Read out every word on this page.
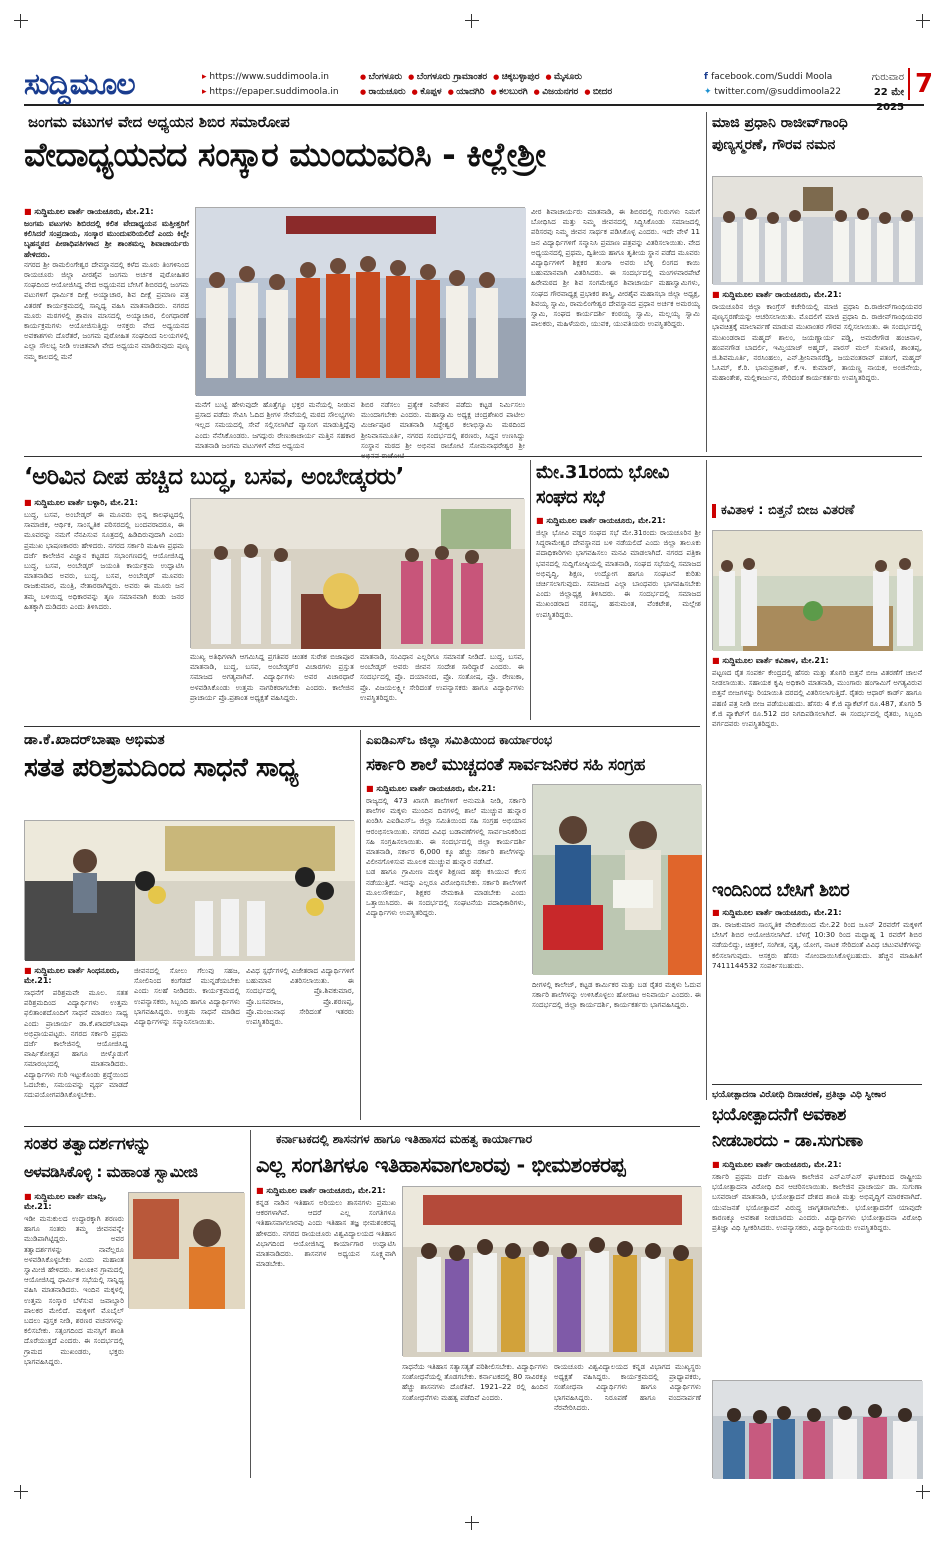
ಸುದ್ದಿಮೂಲ	▸ https://www.suddimoola.in
▸ https://epaper.suddimoola.in
● ಬೆಂಗಳೂರು ● ಬೆಂಗಳೂರು ಗ್ರಾಮಾಂತರ ● ಚಿಕ್ಕಬಳ್ಳಾಪುರ ● ಮೈಸೂರು
● ರಾಯಚೂರು ● ಕೊಪ್ಪಳ ● ಯಾದಗಿರಿ ● ಕಲಬುರಗಿ ● ವಿಜಯನಗರ ● ಬೀದರ
f facebook.com/Suddi Moola
✦ twitter.com/@suddimoola22
ಗುರುವಾರ
22 ಮೇ 2025
7
ಜಂಗಮ ವಟುಗಳ ವೇದ ಅಧ್ಯಯನ ಶಿಬಿರ ಸಮಾರೋಪ
ವೇದಾಧ್ಯಯನದ ಸಂಸ್ಕಾರ ಮುಂದುವರಿಸಿ - ಕಿಲ್ಲೇಶ್ರೀ
■ ಸುದ್ದಿಮೂಲ ವಾರ್ತೆ ರಾಯಚೂರು, ಮೇ.21:
ಜಂಗಮ ವಟುಗಳು ಶಿಬಿರದಲ್ಲಿ ಕಲಿತ ವೇದಾಧ್ಯಯನ ಮತ್ತೀತ್ತರಿಗೆ ಕಲಿಸಿದರೆ ಸಂಪ್ರದಾಯ, ಸಂಸ್ಕಾರ ಮುಂದುವರಿಯಲಿದೆ ಎಂದು ಕಿಲ್ಲೇ ಬೃಹನ್ಮಠದ ಪೀಠಾಧಿಪತಿಗಳಾದ ಶ್ರೀ ಶಾಂತಮಲ್ಲ ಶಿವಾಚಾರ್ಯರು ಹೇಳಿದರು.
ನಗರದ ಶ್ರೀ ರಾಮಲಿಂಗೇಶ್ವರ ದೇವಸ್ಥಾನದಲ್ಲಿ ಕಳೆದ ಮೂರು ತಿಂಗಳಿನಿಂದ ರಾಯಚೂರು ಜಿಲ್ಲಾ ವೀರಶೈವ ಜಂಗಮ ಅರ್ಚಕ ಪುರೋಹಿತರ ಸಂಘದಿಂದ ಆಯೋಜಿಸಿದ್ದ ವೇದ ಅಧ್ಯಯನದ ಬೇಸಿಗೆ ಶಿಬಿರದಲ್ಲಿ ಜಂಗಮ ವಟುಗಳಿಗೆ ಧಾರ್ಮಿಕ ದೀಕ್ಷೆ ಅಯ್ಯಾಚಾರ, ಶಿವ ದೀಕ್ಷೆ ಪ್ರಮಾಣ ಪತ್ರ ವಿತರಣೆ ಕಾರ್ಯಕ್ರಮದಲ್ಲಿ ಸಾನ್ನಿಧ್ಯ ವಹಿಸಿ ಮಾತನಾಡಿದರು. ನಗರದ ಮೂರು ಮಠಗಳಲ್ಲಿ ಶ್ರಾವಣ ಮಾಸದಲ್ಲಿ ಅಯ್ಯಾಚಾರ, ಲಿಂಗಧಾರಣೆ ಕಾರ್ಯಕ್ರಮಗಳು ಆಯೋಜಿಸುತ್ತಿದ್ದು ಆಸಕ್ತರು ವೇದ ಅಧ್ಯಯನದ ಅವಕಾಶಗಳು ದೊರೆತರೆ, ಜಂಗಮ ಪುರೋಹಿತ ಸಂಘದಿಂದ ನಿಲಯಗಳಲ್ಲಿ ಎಲ್ಲಾ ಸೌಲಭ್ಯ ನೀಡಿ ಉಚಿತವಾಗಿ ವೇದ ಅಧ್ಯಯನ ಮಾಡಿರುವುದು ಪುಣ್ಯ ನಮ್ಮ ಕಾಲದಲ್ಲಿ ಮನೆ
ಮನೆಗೆ ಬುಟ್ಟಿ ಹೇಳುವುದೇ ಹೊತ್ತೆಗ್ಯೂ ಭಕ್ತರ ಮನೆಯಲ್ಲಿ ನೀಡುವ ಪ್ರಸಾದ ಪಡೆದು ಸೇವಿಸಿ ಓದಿದ ಶ್ರೀಗಳ ಸೇವೆಯಲ್ಲಿ ಮಠದ ಸೌಲಭ್ಯಗಳು ಇಲ್ಲದ ಸಮಯದಲ್ಲಿ ಸೇವೆ ಸಲ್ಲಿಸಲಾಗಿದೆ ವ್ಯಾಸಂಗ ಮಾಡುತ್ತಿದ್ದೆವು ಎಂದು ನೆನೆಸಿಕೊಂಡರು. ಜಗದ್ಗುರು ರೇಣುಕಾಚಾರ್ಯ ಮತ್ತಿನ ಸಹಕಾರ ಮಾತನಾಡಿ ಜಂಗಮ ವಟುಗಳಿಗೆ ವೇದ ಅಧ್ಯಯನ
ಶಿಬಿರ ನಡೆಸಲು ಪ್ರತ್ಯೇಕ ನಿವೇಶನ ಪಡೆದು ಕಟ್ಟಡ ನಿರ್ಮಿಸಲು ಮುಂದಾಗಬೇಕು ಎಂದರು. ಮಹಾಸ್ವಾಮಿ ಅಧ್ಯಕ್ಷ ಚಂದ್ರಶೇಖರ ಪಾಟೀಲ ಮಿರ್ಜಾಪೂರ ಮಾತನಾಡಿ ಸಿದ್ಧೇಶ್ವರ ಕಲಾಭಿಸ್ವಾಮಿ ಮಠದಿಂದ ಶ್ರೀನಿವಾಸಮೂರ್ತಿ, ನಗರದ ಸಂದರ್ಭದಲ್ಲಿ ಶರಣರು, ಸಿದ್ದನ ಉಣಸಿದ್ದು ಸಂಸ್ಥಾನ ಮಠದ ಶ್ರೀ ಅಭಿನವ ರಾಚೋಟಿ ಸೋಮನಾಥರೇಶ್ವರ ಶ್ರೀ
ವೀರ ಶಿವಾಚಾರ್ಯರು ಮಾತನಾಡಿ, ಈ ಶಿಬಿರದಲ್ಲಿ ಗುರುಗಳು ನಿಮಗೆ ಬೋಧಿಸಿದ ಮತ್ತು ನಿಮ್ಮ ಜೀವನದಲ್ಲಿ ಸಿದ್ಧಿಸಿಕೊಂಡು ಸಮಾಜದಲ್ಲಿ ಪರಿಸರವು ನಿಮ್ಮ ಜೀವನ ಸಾರ್ಥಕ ಪಡಿಸಿಕೊಳ್ಳ ಎಂದರು. ಇದೇ ವೇಳೆ 11 ಜನ ವಿದ್ಯಾರ್ಥಿಗಳಿಗೆ ಸನ್ಮಾನಿಸಿ ಪ್ರಮಾಣ ಪತ್ರವನ್ನು ವಿತರಿಸಲಾಯಿತು. ವೇದ ಅಧ್ಯಯನದಲ್ಲಿ ಪ್ರಥಮ, ದ್ವಿತೀಯ ಹಾಗೂ ತೃತೀಯ ಸ್ಥಾನ ಪಡೆದ ಮೂವರು ವಿದ್ಯಾರ್ಥಿಗಳಿಗೆ ಶಿಕ್ಷಕರ ತುಂಗಾ ಅವರು ಬೆಳ್ಳಿ ಲಿಂಗದ ಕಾಯಿ ಬಹುಮಾನವಾಗಿ ವಿತರಿಸಿದರು. ಈ ಸಂದರ್ಭದಲ್ಲಿ ಮಂಗಳವಾರಪೇಟೆ ಹಿರೇಮಠದ ಶ್ರೀ ಶಿವ ಸಂಗಮೇಶ್ವರ ಶಿವಾಚಾರ್ಯ ಮಹಾಸ್ವಾಮಿಗಳು, ಸಂಘದ ಗೌರವಾಧ್ಯಕ್ಷ ಪ್ರಭಾಕರ ಶಾಸ್ತ್ರಿ, ವೀರಶೈವ ಮಹಾಸಭಾ ಜಿಲ್ಲಾ ಅಧ್ಯಕ್ಷ, ಶಿವಯ್ಯ ಸ್ವಾಮಿ, ರಾಮಲಿಂಗೇಶ್ವರ ದೇವಸ್ಥಾನದ ಪ್ರಧಾನ ಅರ್ಚಕ ಅಮರಯ್ಯ ಸ್ವಾಮಿ, ಸಂಘದ ಕಾರ್ಯದರ್ಶಿ ಕಂಠಯ್ಯ ಸ್ವಾಮಿ, ಮಲ್ಲಯ್ಯ ಸ್ವಾಮಿ ಪಾಲಕರು, ಮಹಿಳೆಯರು, ಯುವಕ, ಯುವತಿಯರು ಉಪಸ್ಥಿತರಿದ್ದರು.
ಮಾಜಿ ಪ್ರಧಾನಿ ರಾಜೀವ್‌ಗಾಂಧಿ
ಪುಣ್ಯಸ್ಮರಣೆ, ಗೌರವ ನಮನ
■ ಸುದ್ದಿಮೂಲ ವಾರ್ತೆ ರಾಯಚೂರು, ಮೇ.21:
ರಾಯಚೂರಿನ ಜಿಲ್ಲಾ ಕಾಂಗ್ರೆಸ್ ಕಚೇರಿಯಲ್ಲಿ ಮಾಜಿ ಪ್ರಧಾನಿ ದಿ.ರಾಜೀವ್‌ಗಾಂಧಿಯವರ ಪುಣ್ಯಸ್ಮರಣೆಯನ್ನು ಆಚರಿಸಲಾಯಿತು. ಮೊದಲಿಗೆ ಮಾಜಿ ಪ್ರಧಾನಿ ದಿ. ರಾಜೀವ್‌ಗಾಂಧಿಯವರ ಭಾವಚಿತ್ರಕ್ಕೆ ಮಾಲಾರ್ಪಣೆ ಮಾಡುವ ಮುಖಾಂತರ ಗೌರವ ಸಲ್ಲಿಸಲಾಯಿತು. ಈ ಸಂದರ್ಭದಲ್ಲಿ ಮುಖಂಡರಾದ ಮಹ್ಮದ್ ಶಾಲಂ, ಜಯಣ್ಣಾರ್ಯ ಪಡ್ಡಿ, ಅಮರೇಗೌಡ ಹಂಚಿನಾಳ, ಹಂಪನಗೌಡ ಬಾದರ್ಲಿ, ಇಮ್ತಿಯಾಜ್ ಅಹ್ಮದ್, ಪಾರಸ್ ಮಲ್ ಸುಖಾಣಿ, ಶಾಂತಪ್ಪ, ಜಿ.ಶಿವಮೂರ್ತಿ, ನರಸಿಂಹಲು, ಎನ್.ಶ್ರೀನಿವಾಸರೆಡ್ಡಿ, ಜಯವಂತರಾವ್ ಪತಂಗೆ, ಮಹ್ಮದ್ ಓಸಿಮ್, ಕೆ.ರಿ. ಭಾನುಪ್ರಕಾಶ್, ಕೆ.ಇ. ಕುಮಾರ್, ತಾಯಣ್ಣ ನಾಯಕ, ಅಂಜಿನೇಯ, ಮಹಾಂತೇಶ, ಮಲ್ಲಿಕಾರ್ಜುನ, ಸೇರಿದಂತೆ ಕಾರ್ಯಕರ್ತರು ಉಪಸ್ಥಿತರಿದ್ದರು.
‘ಅರಿವಿನ ದೀಪ ಹಚ್ಚಿದ ಬುದ್ಧ, ಬಸವ, ಅಂಬೇಡ್ಕರರು’
■ ಸುದ್ದಿಮೂಲ ವಾರ್ತೆ ಬಳ್ಳಾರಿ, ಮೇ.21:
ಬುದ್ಧ, ಬಸವ, ಅಂಬೇಡ್ಕರ್ ಈ ಮೂವರು ಭಿನ್ನ ಕಾಲಘಟ್ಟದಲ್ಲಿ ಸಾಮಾಜಿಕ, ಆರ್ಥಿಕ, ಸಾಂಸ್ಕೃತಿಕ ಪರಿಸರದಲ್ಲಿ ಬಂದವರಾದರೂ, ಈ ಮೂವರನ್ನು ನಮಗೆ ನೆನಪಿಸುವ ಸೂತ್ರದಲ್ಲಿ ಹಿಡಿದಿರುವುದಾಗಿ ಎಂದು ಪ್ರಮುಖ ಭಾಷಣಕಾರರು ಹೇಳಿದರು. ನಗರದ ಸರ್ಕಾರಿ ಮಹಿಳಾ ಪ್ರಥಮ ದರ್ಜೆ ಕಾಲೇಜಿನ ವಿಜ್ಞಾನ ಕಟ್ಟಡದ ಸಭಾಂಗಣದಲ್ಲಿ ಆಯೋಜಿಸಿದ್ದ ಬುದ್ಧ, ಬಸವ, ಅಂಬೇಡ್ಕರ್ ಜಯಂತಿ ಕಾರ್ಯಕ್ರಮ ಉದ್ಘಾಟಿಸಿ ಮಾತನಾಡಿದ ಅವರು, ಬುದ್ಧ, ಬಸವ, ಅಂಬೇಡ್ಕರ್ ಮೂವರು ರಾಜಕುಮಾರ, ಮಂತ್ರಿ, ನೇತಾರರಾಗಿದ್ದರು. ಅವರು ಈ ಮೂರು ಜನ ತಮ್ಮ ಬಳಿಯಿದ್ದ ಅಧಿಕಾರವನ್ನು ತೃಣ ಸಮಾನವಾಗಿ ಕಂಡು ಜನರ ಹಿತಕ್ಕಾಗಿ ದುಡಿದರು ಎಂದು ತಿಳಿಸಿದರು.
ಮುಖ್ಯ ಅತಿಥಿಗಳಾಗಿ ಆಗಮಿಸಿದ್ದ ಪ್ರಗತಿಪರ ಚಿಂತಕ ಸುರೇಶ ಬಿಜಾಪೂರ ಮಾತನಾಡಿ, ಬುದ್ಧ, ಬಸವ, ಅಂಬೇಡ್ಕರ್‌ರ ವಿಚಾರಗಳು ಪ್ರಸ್ತುತ ಸಮಾಜದ ಅಗತ್ಯವಾಗಿವೆ. ವಿದ್ಯಾರ್ಥಿಗಳು ಅವರ ವಿಚಾರಧಾರೆ ಅಳವಡಿಸಿಕೊಂಡು ಉತ್ತಮ ನಾಗರಿಕರಾಗಬೇಕು ಎಂದರು. ಕಾಲೇಜಿನ ಪ್ರಾಚಾರ್ಯ ಪ್ರೊ.ಪ್ರಶಾಂತ ಅಧ್ಯಕ್ಷತೆ ವಹಿಸಿದ್ದರು.
ಮಾತನಾಡಿ, ಸಂವಿಧಾನ ಎಲ್ಲರಿಗೂ ಸಮಾನತೆ ನೀಡಿದೆ. ಬುದ್ಧ, ಬಸವ, ಅಂಬೇಡ್ಕರ್ ಅವರು ಜೀವನ ಸಂದೇಶ ಸಾರಿದ್ದಾರೆ ಎಂದರು. ಈ ಸಂದರ್ಭದಲ್ಲಿ ಪ್ರೊ. ದಯಾನಂದ, ಪ್ರೊ. ಸಂತೋಷ, ಪ್ರೊ. ರೇಣುಕಾ, ಪ್ರೊ. ವಿಜಯಲಕ್ಷ್ಮೀ ಸೇರಿದಂತೆ ಉಪನ್ಯಾಸಕರು ಹಾಗೂ ವಿದ್ಯಾರ್ಥಿಗಳು ಉಪಸ್ಥಿತರಿದ್ದರು.
ಮೇ.31ರಂದು ಭೋವಿ ಸಂಘದ ಸಭೆ
■ ಸುದ್ದಿಮೂಲ ವಾರ್ತೆ ರಾಯಚೂರು, ಮೇ.21:
ಜಿಲ್ಲಾ ಭೋವಿ ವಡ್ಡರ ಸಂಘದ ಸಭೆ ಮೇ.31ರಂದು ರಾಯಚೂರಿನ ಶ್ರೀ ಸಿದ್ಧರಾಮೇಶ್ವರ ದೇವಸ್ಥಾನದ ಬಳಿ ನಡೆಯಲಿದೆ ಎಂದು ಜಿಲ್ಲಾ ತಾಲೂಕು ಪದಾಧಿಕಾರಿಗಳು ಭಾಗವಹಿಸಲು ಮನವಿ ಮಾಡಲಾಗಿದೆ. ನಗರದ ಪತ್ರಿಕಾ ಭವನದಲ್ಲಿ ಸುದ್ದಿಗೋಷ್ಠಿಯಲ್ಲಿ ಮಾತನಾಡಿ, ಸಂಘದ ಸಭೆಯಲ್ಲಿ ಸಮಾಜದ ಅಭಿವೃದ್ಧಿ, ಶಿಕ್ಷಣ, ಉದ್ಯೋಗ ಹಾಗೂ ಸಂಘಟನೆ ಕುರಿತು ಚರ್ಚಿಸಲಾಗುವುದು. ಸಮಾಜದ ಎಲ್ಲಾ ಬಾಂಧವರು ಭಾಗವಹಿಸಬೇಕು ಎಂದು ಜಿಲ್ಲಾಧ್ಯಕ್ಷ ತಿಳಿಸಿದರು. ಈ ಸಂದರ್ಭದಲ್ಲಿ ಸಮಾಜದ ಮುಖಂಡರಾದ ನರಸಪ್ಪ, ಹನುಮಂತ, ವೆಂಕಟೇಶ, ಮಲ್ಲೇಶ ಉಪಸ್ಥಿತರಿದ್ದರು.
ಕವಿತಾಳ : ಬಿತ್ತನೆ ಬೀಜ ವಿತರಣೆ
■ ಸುದ್ದಿಮೂಲ ವಾರ್ತೆ ಕವಿತಾಳ, ಮೇ.21:
ಪಟ್ಟಣದ ರೈತ ಸಂಪರ್ಕ ಕೇಂದ್ರದಲ್ಲಿ ಹೆಸರು ಮತ್ತು ತೊಗರಿ ಬಿತ್ತನೆ ಬೀಜ ವಿತರಣೆಗೆ ಚಾಲನೆ ನೀಡಲಾಯಿತು. ಸಹಾಯಕ ಕೃಷಿ ಅಧಿಕಾರಿ ಮಾತನಾಡಿ, ಮುಂಗಾರು ಹಂಗಾಮಿಗೆ ಅಗತ್ಯವಿರುವ ಬಿತ್ತನೆ ಬೀಜಗಳನ್ನು ರಿಯಾಯಿತಿ ದರದಲ್ಲಿ ವಿತರಿಸಲಾಗುತ್ತಿದೆ. ರೈತರು ಆಧಾರ್ ಕಾರ್ಡ್ ಹಾಗೂ ಪಹಣಿ ಪತ್ರ ನೀಡಿ ಬೀಜ ಪಡೆಯಬಹುದು. ಹೆಸರು 4 ಕೆ.ಜಿ ಪ್ಯಾಕೆಟ್‌ಗೆ ರೂ.487, ತೊಗರಿ 5 ಕೆ.ಜಿ ಪ್ಯಾಕೆಟ್‌ಗೆ ರೂ.512 ದರ ನಿಗದಿಪಡಿಸಲಾಗಿದೆ. ಈ ಸಂದರ್ಭದಲ್ಲಿ ರೈತರು, ಸಿಬ್ಬಂದಿ ವರ್ಗದವರು ಉಪಸ್ಥಿತರಿದ್ದರು.
ಡಾ.ಕೆ.ಖಾದರ್‌ಬಾಷಾ ಅಭಿಮತ
ಸತತ ಪರಿಶ್ರಮದಿಂದ ಸಾಧನೆ ಸಾಧ್ಯ
■ ಸುದ್ದಿಮೂಲ ವಾರ್ತೆ ಸಿಂಧನೂರು, ಮೇ.21:
ಸಾಧನೆಗೆ ಪರಿಶ್ರಮವೇ ಮೂಲ. ಸತತ ಪರಿಶ್ರಮದಿಂದ ವಿದ್ಯಾರ್ಥಿಗಳು ಉತ್ತಮ ಫಲಿತಾಂಶದೊಂದಿಗೆ ಸಾಧನೆ ಮಾಡಲು ಸಾಧ್ಯ ಎಂದು ಪ್ರಾಚಾರ್ಯ ಡಾ.ಕೆ.ಖಾದರ್‌ಬಾಷಾ ಅಭಿಪ್ರಾಯಪಟ್ಟರು. ನಗರದ ಸರ್ಕಾರಿ ಪ್ರಥಮ ದರ್ಜೆ ಕಾಲೇಜಿನಲ್ಲಿ ಆಯೋಜಿಸಿದ್ದ ವಾರ್ಷಿಕೋತ್ಸವ ಹಾಗೂ ಬೀಳ್ಕೊಡುಗೆ ಸಮಾರಂಭದಲ್ಲಿ ಮಾತನಾಡಿದರು. ವಿದ್ಯಾರ್ಥಿಗಳು ಗುರಿ ಇಟ್ಟುಕೊಂಡು ಶ್ರದ್ಧೆಯಿಂದ ಓದಬೇಕು, ಸಮಯವನ್ನು ವ್ಯರ್ಥ ಮಾಡದೆ ಸದುಪಯೋಗಪಡಿಸಿಕೊಳ್ಳಬೇಕು.
ಜೀವನದಲ್ಲಿ ಸೋಲು ಗೆಲುವು ಸಹಜ, ಸೋಲಿನಿಂದ ಕಂಗೆಡದೆ ಮುನ್ನಡೆಯಬೇಕು ಎಂದು ಸಲಹೆ ನೀಡಿದರು. ಕಾರ್ಯಕ್ರಮದಲ್ಲಿ ಉಪನ್ಯಾಸಕರು, ಸಿಬ್ಬಂದಿ ಹಾಗೂ ವಿದ್ಯಾರ್ಥಿಗಳು ಭಾಗವಹಿಸಿದ್ದರು. ಉತ್ತಮ ಸಾಧನೆ ಮಾಡಿದ ವಿದ್ಯಾರ್ಥಿಗಳನ್ನು ಸನ್ಮಾನಿಸಲಾಯಿತು.
ವಿವಿಧ ಸ್ಪರ್ಧೆಗಳಲ್ಲಿ ವಿಜೇತರಾದ ವಿದ್ಯಾರ್ಥಿಗಳಿಗೆ ಬಹುಮಾನ ವಿತರಿಸಲಾಯಿತು. ಈ ಸಂದರ್ಭದಲ್ಲಿ ಪ್ರೊ.ಶಿವಕುಮಾರ, ಪ್ರೊ.ಬಸವರಾಜ, ಪ್ರೊ.ಶರಣಪ್ಪ, ಪ್ರೊ.ಮಂಜುನಾಥ ಸೇರಿದಂತೆ ಇತರರು ಉಪಸ್ಥಿತರಿದ್ದರು.
ಎಐಡಿಎಸ್‌ಒ ಜಿಲ್ಲಾ ಸಮಿತಿಯಿಂದ ಕಾರ್ಯಾರಂಭ
ಸರ್ಕಾರಿ ಶಾಲೆ ಮುಚ್ಚದಂತೆ ಸಾರ್ವಜನಿಕರ ಸಹಿ ಸಂಗ್ರಹ
■ ಸುದ್ದಿಮೂಲ ವಾರ್ತೆ ರಾಯಚೂರು, ಮೇ.21:
ರಾಜ್ಯದಲ್ಲಿ 473 ಖಾಸಗಿ ಶಾಲೆಗಳಿಗೆ ಅನುಮತಿ ನೀಡಿ, ಸರ್ಕಾರಿ ಶಾಲೆಗಳ ಮಕ್ಕಳು ಮುಂದಿನ ದಿನಗಳಲ್ಲಿ ಶಾಲೆ ಮುಚ್ಚುವ ಹುನ್ನಾರ ಖಂಡಿಸಿ ಎಐಡಿಎಸ್‌ಒ ಜಿಲ್ಲಾ ಸಮಿತಿಯಿಂದ ಸಹಿ ಸಂಗ್ರಹ ಅಭಿಯಾನ ಆರಂಭಿಸಲಾಯಿತು. ನಗರದ ವಿವಿಧ ಬಡಾವಣೆಗಳಲ್ಲಿ ಸಾರ್ವಜನಿಕರಿಂದ ಸಹಿ ಸಂಗ್ರಹಿಸಲಾಯಿತು. ಈ ಸಂದರ್ಭದಲ್ಲಿ ಜಿಲ್ಲಾ ಕಾರ್ಯದರ್ಶಿ ಮಾತನಾಡಿ, ಸರ್ಕಾರ 6,000 ಕ್ಕೂ ಹೆಚ್ಚು ಸರ್ಕಾರಿ ಶಾಲೆಗಳನ್ನು ವಿಲೀನಗೊಳಿಸುವ ಮೂಲಕ ಮುಚ್ಚುವ ಹುನ್ನಾರ ನಡೆಸಿದೆ.
ಬಡ ಹಾಗೂ ಗ್ರಾಮೀಣ ಮಕ್ಕಳ ಶಿಕ್ಷಣದ ಹಕ್ಕು ಕಸಿಯುವ ಕೆಲಸ ನಡೆಯುತ್ತಿದೆ. ಇದನ್ನು ಎಲ್ಲರೂ ವಿರೋಧಿಸಬೇಕು. ಸರ್ಕಾರಿ ಶಾಲೆಗಳಿಗೆ ಮೂಲಸೌಕರ್ಯ, ಶಿಕ್ಷಕರ ನೇಮಕಾತಿ ಮಾಡಬೇಕು ಎಂದು ಒತ್ತಾಯಿಸಿದರು. ಈ ಸಂದರ್ಭದಲ್ಲಿ ಸಂಘಟನೆಯ ಪದಾಧಿಕಾರಿಗಳು, ವಿದ್ಯಾರ್ಥಿಗಳು ಉಪಸ್ಥಿತರಿದ್ದರು.
ದೀಗಳಲ್ಲಿ ಕಾಲೇಜ್, ಕಟ್ಟಡ ಕಾರ್ಮಿಕರ ಮತ್ತು ಬಡ ರೈತರ ಮಕ್ಕಳು ಓದುವ ಸರ್ಕಾರಿ ಶಾಲೆಗಳನ್ನು ಉಳಿಸಿಕೊಳ್ಳಲು ಹೋರಾಟ ಅನಿವಾರ್ಯ ಎಂದರು. ಈ ಸಂದರ್ಭದಲ್ಲಿ ಜಿಲ್ಲಾ ಕಾರ್ಯದರ್ಶಿ, ಕಾರ್ಯಕರ್ತರು ಭಾಗವಹಿಸಿದ್ದರು.
ಇಂದಿನಿಂದ ಬೇಸಿಗೆ ಶಿಬಿರ
■ ಸುದ್ದಿಮೂಲ ವಾರ್ತೆ ರಾಯಚೂರು, ಮೇ.21:
ಡಾ. ರಾಜಕುಮಾರ ಸಾಂಸ್ಕೃತಿಕ ವೇದಿಕೆಯಿಂದ ಮೇ.22 ರಿಂದ ಜೂನ್ 2ರವರೆಗೆ ಮಕ್ಕಳಿಗೆ ಬೇಸಿಗೆ ಶಿಬಿರ ಆಯೋಜಿಸಲಾಗಿದೆ. ಬೆಳಗ್ಗೆ 10:30 ರಿಂದ ಮಧ್ಯಾಹ್ನ 1 ರವರೆಗೆ ಶಿಬಿರ ನಡೆಯಲಿದ್ದು, ಚಿತ್ರಕಲೆ, ಸಂಗೀತ, ನೃತ್ಯ, ಯೋಗ, ನಾಟಕ ಸೇರಿದಂತೆ ವಿವಿಧ ಚಟುವಟಿಕೆಗಳನ್ನು ಕಲಿಸಲಾಗುವುದು. ಆಸಕ್ತರು ಹೆಸರು ನೋಂದಾಯಿಸಿಕೊಳ್ಳಬಹುದು. ಹೆಚ್ಚಿನ ಮಾಹಿತಿಗೆ 7411144532 ಸಂಪರ್ಕಿಸಬಹುದು.
ಭಯೋತ್ಪಾದನಾ ವಿರೋಧಿ ದಿನಾಚರಣೆ, ಪ್ರತಿಜ್ಞಾ ವಿಧಿ ಸ್ವೀಕಾರ
ಭಯೋತ್ಪಾದನೆಗೆ ಅವಕಾಶ
ನೀಡಬಾರದು - ಡಾ.ಸುಗುಣಾ
■ ಸುದ್ದಿಮೂಲ ವಾರ್ತೆ ರಾಯಚೂರು, ಮೇ.21:
ಸರ್ಕಾರಿ ಪ್ರಥಮ ದರ್ಜೆ ಮಹಿಳಾ ಕಾಲೇಜಿನ ಎನ್‌ಎಸ್‌ಎಸ್ ಘಟಕದಿಂದ ರಾಷ್ಟ್ರೀಯ ಭಯೋತ್ಪಾದನಾ ವಿರೋಧಿ ದಿನ ಆಚರಿಸಲಾಯಿತು. ಕಾಲೇಜಿನ ಪ್ರಾಚಾರ್ಯ ಡಾ. ಸುಗುಣಾ ಬಸವರಾಜ್ ಮಾತನಾಡಿ, ಭಯೋತ್ಪಾದನೆ ದೇಶದ ಶಾಂತಿ ಮತ್ತು ಅಭಿವೃದ್ಧಿಗೆ ಮಾರಕವಾಗಿದೆ. ಯುವಜನತೆ ಭಯೋತ್ಪಾದನೆ ವಿರುದ್ಧ ಜಾಗೃತರಾಗಬೇಕು. ಭಯೋತ್ಪಾದನೆಗೆ ಯಾವುದೇ ಕಾರಣಕ್ಕೂ ಅವಕಾಶ ನೀಡಬಾರದು ಎಂದರು. ವಿದ್ಯಾರ್ಥಿಗಳು ಭಯೋತ್ಪಾದನಾ ವಿರೋಧಿ ಪ್ರತಿಜ್ಞಾ ವಿಧಿ ಸ್ವೀಕರಿಸಿದರು. ಉಪನ್ಯಾಸಕರು, ವಿದ್ಯಾರ್ಥಿನಿಯರು ಉಪಸ್ಥಿತರಿದ್ದರು.
ಸಂತರ ತತ್ವಾದರ್ಶಗಳನ್ನು
ಅಳವಡಿಸಿಕೊಳ್ಳಿ : ಮಹಾಂತ ಸ್ವಾಮೀಜಿ
■ ಸುದ್ದಿಮೂಲ ವಾರ್ತೆ ಮಾನ್ವಿ, ಮೇ.21:
ಇಡೀ ಮನುಕುಲದ ಉದ್ಧಾರಕ್ಕಾಗಿ ಶರಣರು ಹಾಗೂ ಸಂತರು ತಮ್ಮ ಜೀವನವನ್ನೇ ಮುಡಿಪಾಗಿಟ್ಟಿದ್ದರು. ಅವರ ತತ್ವಾದರ್ಶಗಳನ್ನು ನಾವೆಲ್ಲರೂ ಅಳವಡಿಸಿಕೊಳ್ಳಬೇಕು ಎಂದು ಮಹಾಂತ ಸ್ವಾಮೀಜಿ ಹೇಳಿದರು. ತಾಲೂಕಿನ ಗ್ರಾಮದಲ್ಲಿ ಆಯೋಜಿಸಿದ್ದ ಧಾರ್ಮಿಕ ಸಭೆಯಲ್ಲಿ ಸಾನ್ನಿಧ್ಯ ವಹಿಸಿ ಮಾತನಾಡಿದರು. ಇಂದಿನ ಮಕ್ಕಳಲ್ಲಿ ಉತ್ತಮ ಸಂಸ್ಕಾರ ಬೆಳೆಸುವ ಜವಾಬ್ದಾರಿ ಪಾಲಕರ ಮೇಲಿದೆ. ಮಕ್ಕಳಿಗೆ ಮೊಬೈಲ್ ಬದಲು ಪುಸ್ತಕ ನೀಡಿ, ಶರಣರ ವಚನಗಳನ್ನು ಕಲಿಸಬೇಕು. ಸತ್ಸಂಗದಿಂದ ಮನಸ್ಸಿಗೆ ಶಾಂತಿ ದೊರೆಯುತ್ತದೆ ಎಂದರು. ಈ ಸಂದರ್ಭದಲ್ಲಿ ಗ್ರಾಮದ ಮುಖಂಡರು, ಭಕ್ತರು ಭಾಗವಹಿಸಿದ್ದರು.
ಕರ್ನಾಟಕದಲ್ಲಿ ಶಾಸನಗಳ ಹಾಗೂ ಇತಿಹಾಸದ ಮಹತ್ವ ಕಾರ್ಯಾಗಾರ
ಎಲ್ಲ ಸಂಗತಿಗಳೂ ಇತಿಹಾಸವಾಗಲಾರವು - ಭೀಮಶಂಕರಪ್ಪ
■ ಸುದ್ದಿಮೂಲ ವಾರ್ತೆ ರಾಯಚೂರು, ಮೇ.21:
ಕನ್ನಡ ನಾಡಿನ ಇತಿಹಾಸ ಅರಿಯಲು ಶಾಸನಗಳು ಪ್ರಮುಖ ಆಕರಗಳಾಗಿವೆ. ಆದರೆ ಎಲ್ಲ ಸಂಗತಿಗಳೂ ಇತಿಹಾಸವಾಗಲಾರವು ಎಂದು ಇತಿಹಾಸ ತಜ್ಞ ಭೀಮಶಂಕರಪ್ಪ ಹೇಳಿದರು. ನಗರದ ರಾಯಚೂರು ವಿಶ್ವವಿದ್ಯಾಲಯದ ಇತಿಹಾಸ ವಿಭಾಗದಿಂದ ಆಯೋಜಿಸಿದ್ದ ಕಾರ್ಯಾಗಾರ ಉದ್ಘಾಟಿಸಿ ಮಾತನಾಡಿದರು. ಶಾಸನಗಳ ಅಧ್ಯಯನ ಸೂಕ್ಷ್ಮವಾಗಿ ಮಾಡಬೇಕು.
ಸಾಧನೆಯ ಇತಿಹಾಸ ಸತ್ಯಾಸತ್ಯತೆ ಪರಿಶೀಲಿಸಬೇಕು. ವಿದ್ಯಾರ್ಥಿಗಳು ಸಂಶೋಧನೆಯಲ್ಲಿ ತೊಡಗಬೇಕು. ಕರ್ನಾಟಕದಲ್ಲಿ 80 ಸಾವಿರಕ್ಕೂ ಹೆಚ್ಚು ಶಾಸನಗಳು ದೊರೆತಿವೆ. 1921–22 ರಲ್ಲಿ ಹಿಂದಿನ ಸಂಶೋಧನೆಗಳು ಮಹತ್ವ ಪಡೆದಿವೆ ಎಂದರು.
ರಾಯಚೂರು ವಿಶ್ವವಿದ್ಯಾಲಯದ ಕನ್ನಡ ವಿಭಾಗದ ಮುಖ್ಯಸ್ಥರು ಅಧ್ಯಕ್ಷತೆ ವಹಿಸಿದ್ದರು. ಕಾರ್ಯಕ್ರಮದಲ್ಲಿ ಪ್ರಾಧ್ಯಾಪಕರು, ಸಂಶೋಧನಾ ವಿದ್ಯಾರ್ಥಿಗಳು ಹಾಗೂ ವಿದ್ಯಾರ್ಥಿಗಳು ಭಾಗವಹಿಸಿದ್ದರು. ನಿರೂಪಣೆ ಹಾಗೂ ವಂದನಾರ್ಪಣೆ ನೆರವೇರಿಸಿದರು.
